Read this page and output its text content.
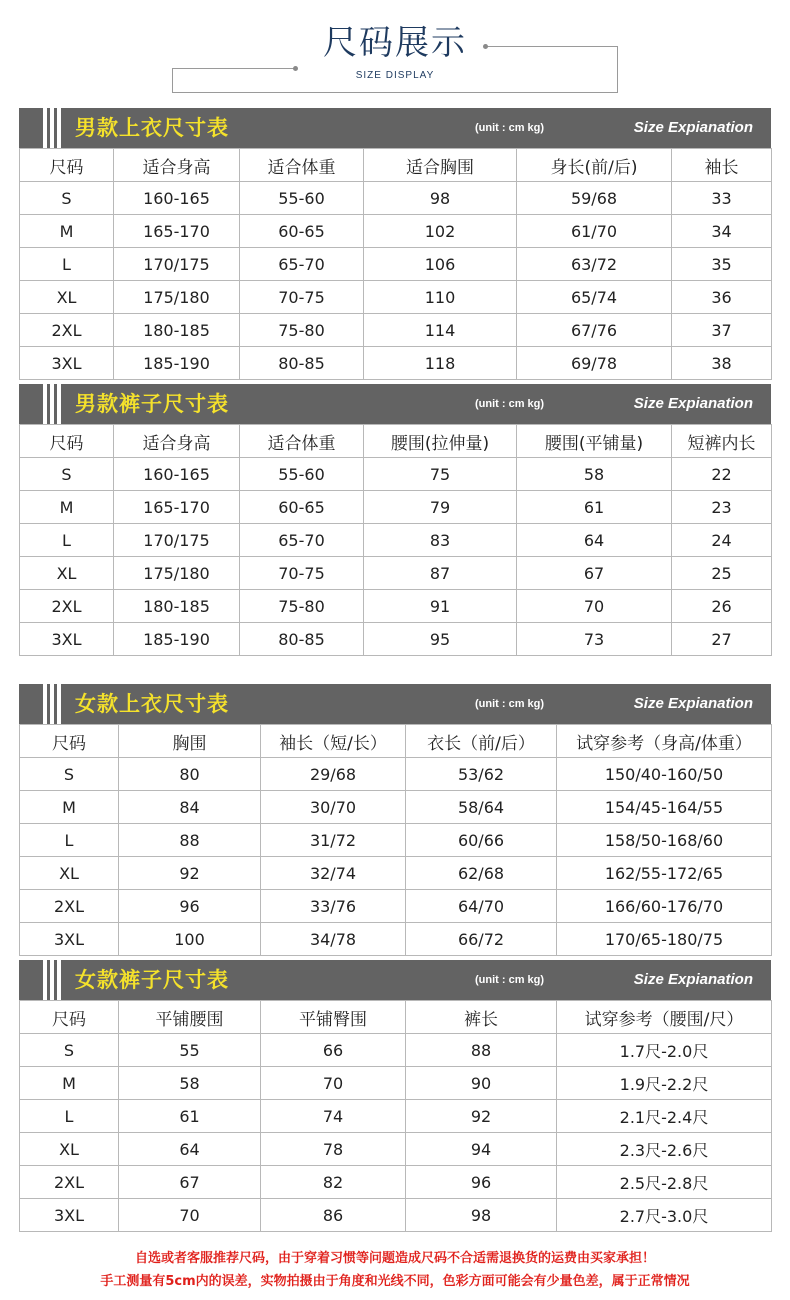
尺码展示
SIZE DISPLAY
男款上衣尺寸表	(unit : cm kg)	Size Expianation
尺码	适合身高	适合体重	适合胸围	身长(前/后)	袖长
S	160-165	55-60	98	59/68	33
M	165-170	60-65	102	61/70	34
L	170/175	65-70	106	63/72	35
XL	175/180	70-75	110	65/74	36
2XL	180-185	75-80	114	67/76	37
3XL	185-190	80-85	118	69/78	38
男款裤子尺寸表	(unit : cm kg)	Size Expianation
尺码	适合身高	适合体重	腰围(拉伸量)	腰围(平铺量)	短裤内长
S	160-165	55-60	75	58	22
M	165-170	60-65	79	61	23
L	170/175	65-70	83	64	24
XL	175/180	70-75	87	67	25
2XL	180-185	75-80	91	70	26
3XL	185-190	80-85	95	73	27
女款上衣尺寸表	(unit : cm kg)	Size Expianation
尺码	胸围	袖长（短/长）	衣长（前/后）	试穿参考（身高/体重）
S	80	29/68	53/62	150/40-160/50
M	84	30/70	58/64	154/45-164/55
L	88	31/72	60/66	158/50-168/60
XL	92	32/74	62/68	162/55-172/65
2XL	96	33/76	64/70	166/60-176/70
3XL	100	34/78	66/72	170/65-180/75
女款裤子尺寸表	(unit : cm kg)	Size Expianation
尺码	平铺腰围	平铺臀围	裤长	试穿参考（腰围/尺）
S	55	66	88	1.7尺-2.0尺
M	58	70	90	1.9尺-2.2尺
L	61	74	92	2.1尺-2.4尺
XL	64	78	94	2.3尺-2.6尺
2XL	67	82	96	2.5尺-2.8尺
3XL	70	86	98	2.7尺-3.0尺
自选或者客服推荐尺码，由于穿着习惯等问题造成尺码不合适需退换货的运费由买家承担！
手工测量有5cm内的误差，实物拍摄由于角度和光线不同，色彩方面可能会有少量色差，属于正常情况
